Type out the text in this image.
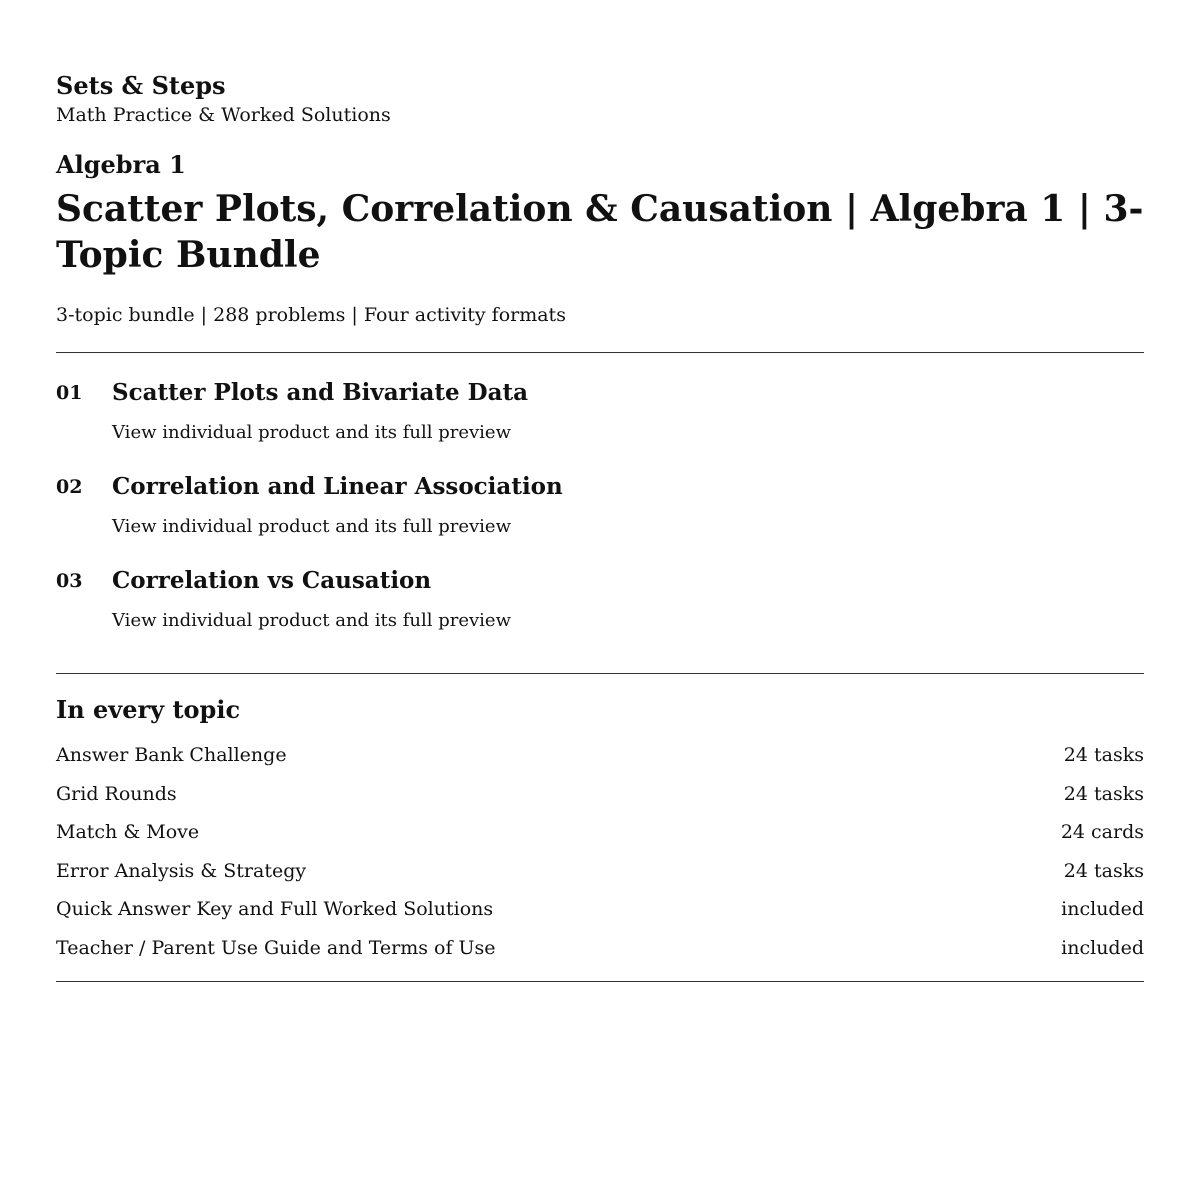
Sets & Steps

Math Practice & Worked Solutions

Algebra 1

Scatter Plots, Correlation & Causation | Algebra 1 | 3-Topic Bundle

3-topic bundle | 288 problems | Four activity formats

01	Scatter Plots and Bivariate Data
View individual product and its full preview
02	Correlation and Linear Association
View individual product and its full preview
03	Correlation vs Causation
View individual product and its full preview
In every topic
Answer Bank Challenge	24 tasks
Grid Rounds	24 tasks
Match & Move	24 cards
Error Analysis & Strategy	24 tasks
Quick Answer Key and Full Worked Solutions	included
Teacher / Parent Use Guide and Terms of Use	included
